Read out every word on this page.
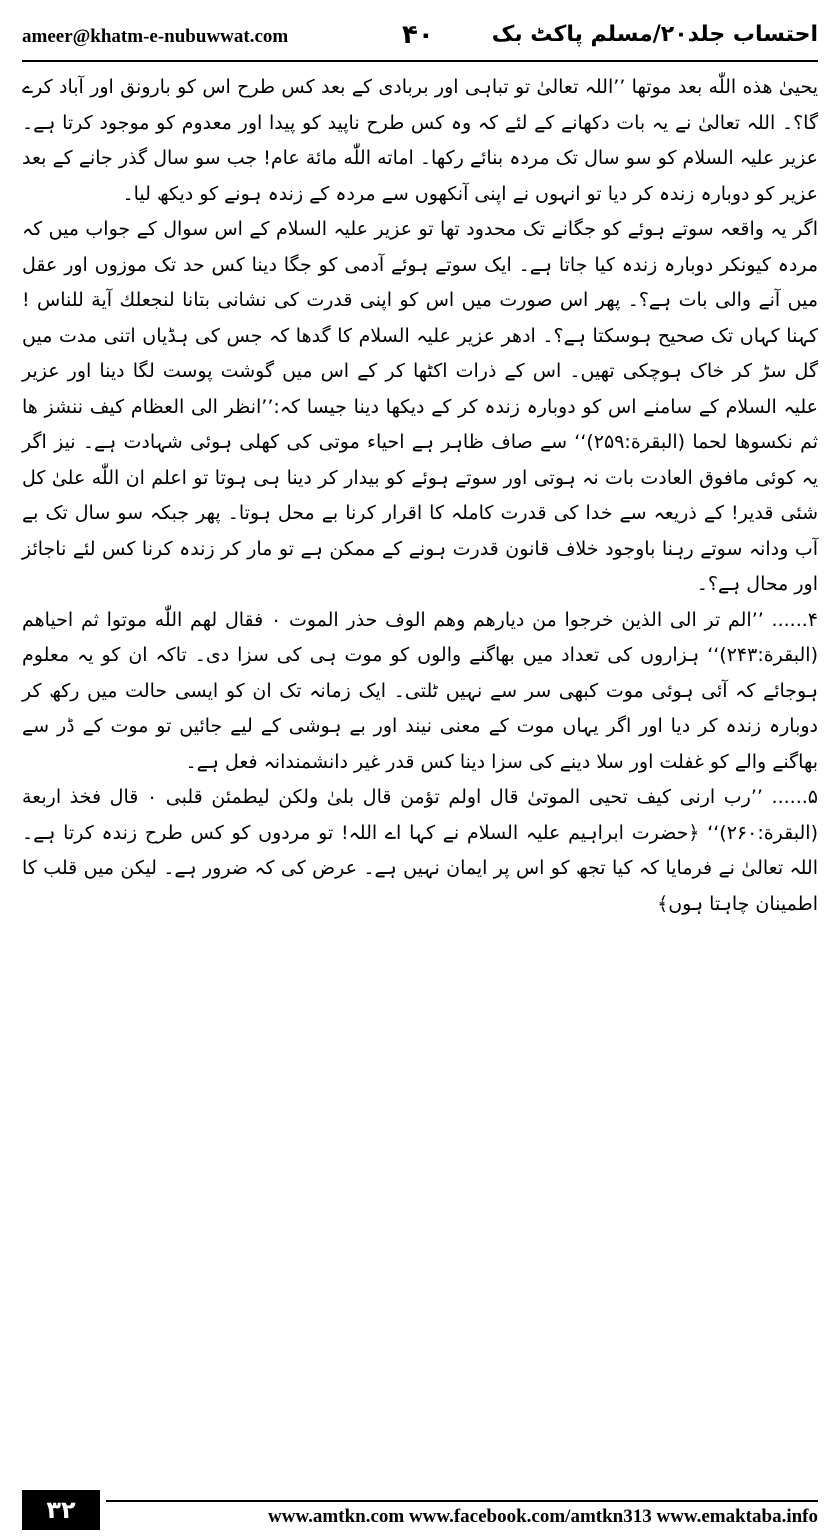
ameer@khatm-e-nubuwwat.com	۴۰	احتساب جلد۲۰/مسلم پاکٹ بک

یحییٰ هذه اللّٰه بعد موتها ’’اللہ تعالیٰ تو تباہی اور بربادی کے بعد کس طرح اس کو بارونق اور آباد کرے گا؟۔ اللہ تعالیٰ نے یہ بات دکھانے کے لئے کہ وہ کس طرح ناپید کو پیدا اور معدوم کو موجود کرتا ہے۔ عزیر علیہ السلام کو سو سال تک مردہ بنائے رکھا۔ اماته اللّٰه مائة عام! جب سو سال گذر جانے کے بعد عزیر کو دوبارہ زندہ کر دیا تو انہوں نے اپنی آنکھوں سے مردہ کے زندہ ہونے کو دیکھ لیا۔

اگر یہ واقعہ سوتے ہوئے کو جگانے تک محدود تھا تو عزیر علیہ السلام کے اس سوال کے جواب میں کہ مردہ کیونکر دوبارہ زندہ کیا جاتا ہے۔ ایک سوتے ہوئے آدمی کو جگا دینا کس حد تک موزوں اور عقل میں آنے والی بات ہے؟۔ پھر اس صورت میں اس کو اپنی قدرت کی نشانی بتانا لنجعلك آية للناس ! کہنا کہاں تک صحیح ہوسکتا ہے؟۔ ادھر عزیر علیہ السلام کا گدھا کہ جس کی ہڈیاں اتنی مدت میں گل سڑ کر خاک ہوچکی تھیں۔ اس کے ذرات اکٹھا کر کے اس میں گوشت پوست لگا دینا اور عزیر علیہ السلام کے سامنے اس کو دوبارہ زندہ کر کے دیکھا دینا جیسا کہ:’’انظر الی العظام کیف ننشز ها ثم نکسوها لحما (البقرة:۲۵۹)‘‘ سے صاف ظاہر ہے احیاء موتی کی کھلی ہوئی شہادت ہے۔ نیز اگر یہ کوئی مافوق العادت بات نہ ہوتی اور سوتے ہوئے کو بیدار کر دینا ہی ہوتا تو اعلم ان اللّٰه علیٰ کل شئی قدیر! کے ذریعہ سے خدا کی قدرت کاملہ کا اقرار کرنا بے محل ہوتا۔ پھر جبکہ سو سال تک بے آب ودانہ سوتے رہنا باوجود خلاف قانون قدرت ہونے کے ممکن ہے تو مار کر زندہ کرنا کس لئے ناجائز اور محال ہے؟۔

۴...... ’’الم تر الی الذین خرجوا من دیارهم وهم الوف حذر الموت ۰ فقال لهم اللّٰه موتوا ثم احیاهم (البقرة:۲۴۳)‘‘ ہزاروں کی تعداد میں بھاگنے والوں کو موت ہی کی سزا دی۔ تاکہ ان کو یہ معلوم ہوجائے کہ آئی ہوئی موت کبھی سر سے نہیں ٹلتی۔ ایک زمانہ تک ان کو ایسی حالت میں رکھ کر دوبارہ زندہ کر دیا اور اگر یہاں موت کے معنی نیند اور بے ہوشی کے لیے جائیں تو موت کے ڈر سے بھاگنے والے کو غفلت اور سلا دینے کی سزا دینا کس قدر غیر دانشمندانہ فعل ہے۔

۵...... ’’رب ارنی کیف تحیی الموتیٰ قال اولم تؤمن قال بلیٰ ولکن لیطمئن قلبی ۰ قال فخذ اربعة (البقرة:۲۶۰)‘‘ ﴿حضرت ابراہیم علیہ السلام نے کہا اے اللہ! تو مردوں کو کس طرح زندہ کرتا ہے۔ اللہ تعالیٰ نے فرمایا کہ کیا تجھ کو اس پر ایمان نہیں ہے۔ عرض کی کہ ضرور ہے۔ لیکن میں قلب کا اطمینان چاہتا ہوں﴾

۳۲	www.amtkn.com www.facebook.com/amtkn313 www.emaktaba.info
